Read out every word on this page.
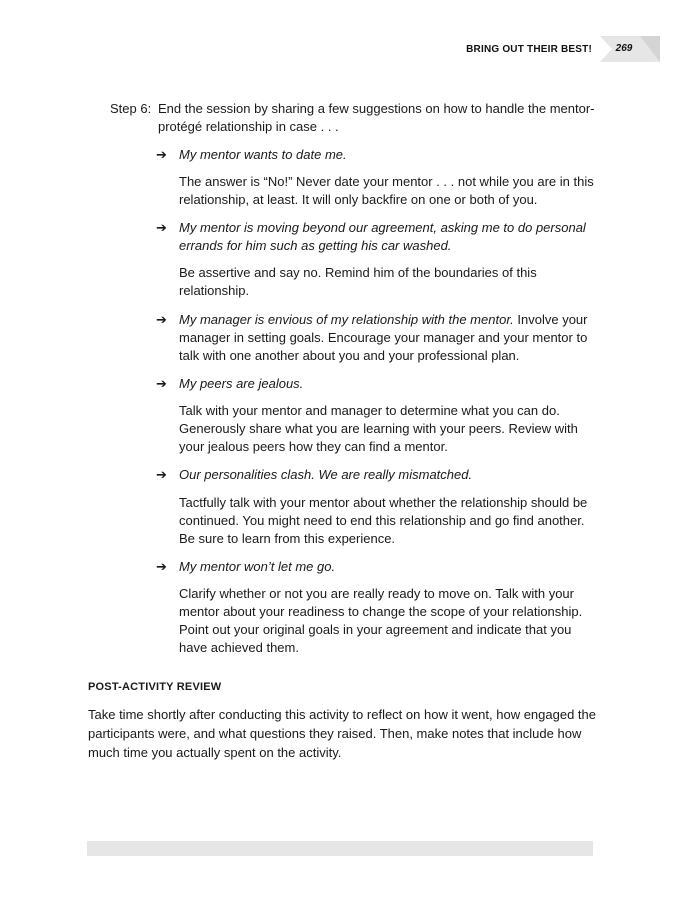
BRING OUT THEIR BEST!	269
Step 6: End the session by sharing a few suggestions on how to handle the mentor-protégé relationship in case . . .
➔ My mentor wants to date me.
The answer is “No!” Never date your mentor . . . not while you are in this relationship, at least. It will only backfire on one or both of you.
➔ My mentor is moving beyond our agreement, asking me to do personal errands for him such as getting his car washed.
Be assertive and say no. Remind him of the boundaries of this relationship.
➔ My manager is envious of my relationship with the mentor. Involve your manager in setting goals. Encourage your manager and your mentor to talk with one another about you and your professional plan.
➔ My peers are jealous.
Talk with your mentor and manager to determine what you can do. Generously share what you are learning with your peers. Review with your jealous peers how they can find a mentor.
➔ Our personalities clash. We are really mismatched.
Tactfully talk with your mentor about whether the relationship should be continued. You might need to end this relationship and go find another. Be sure to learn from this experience.
➔ My mentor won’t let me go.
Clarify whether or not you are really ready to move on. Talk with your mentor about your readiness to change the scope of your relationship. Point out your original goals in your agreement and indicate that you have achieved them.
POST-ACTIVITY REVIEW
Take time shortly after conducting this activity to reflect on how it went, how engaged the participants were, and what questions they raised. Then, make notes that include how much time you actually spent on the activity.
